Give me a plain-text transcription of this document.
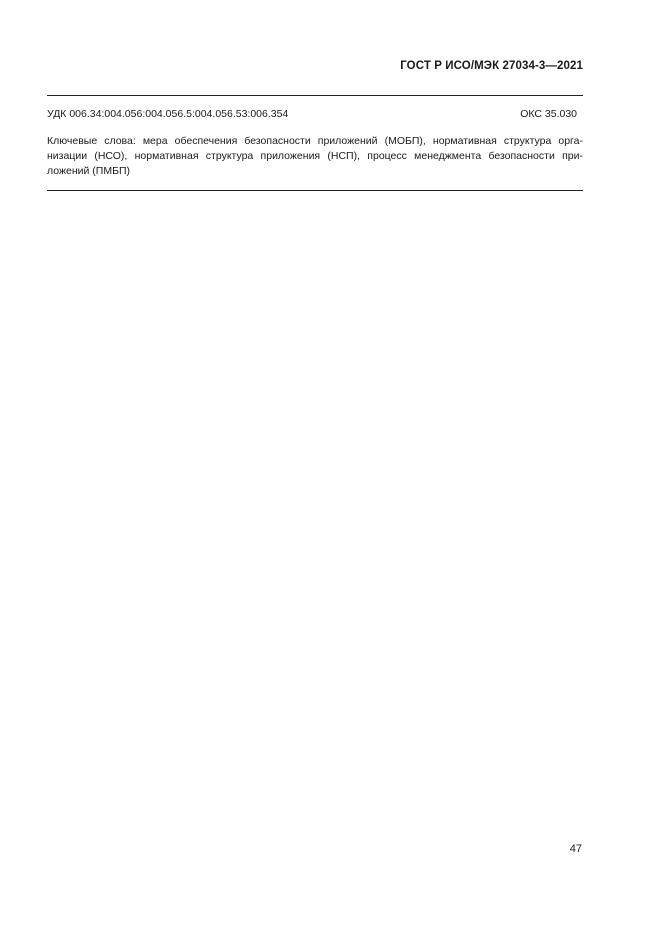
ГОСТ Р ИСО/МЭК 27034-3—2021
УДК 006.34:004.056:004.056.5:004.056.53:006.354	ОКС 35.030
Ключевые слова: мера обеспечения безопасности приложений (МОБП), нормативная структура орга-
низации (НСО), нормативная структура приложения (НСП), процесс менеджмента безопасности при-
ложений (ПМБП)
47
